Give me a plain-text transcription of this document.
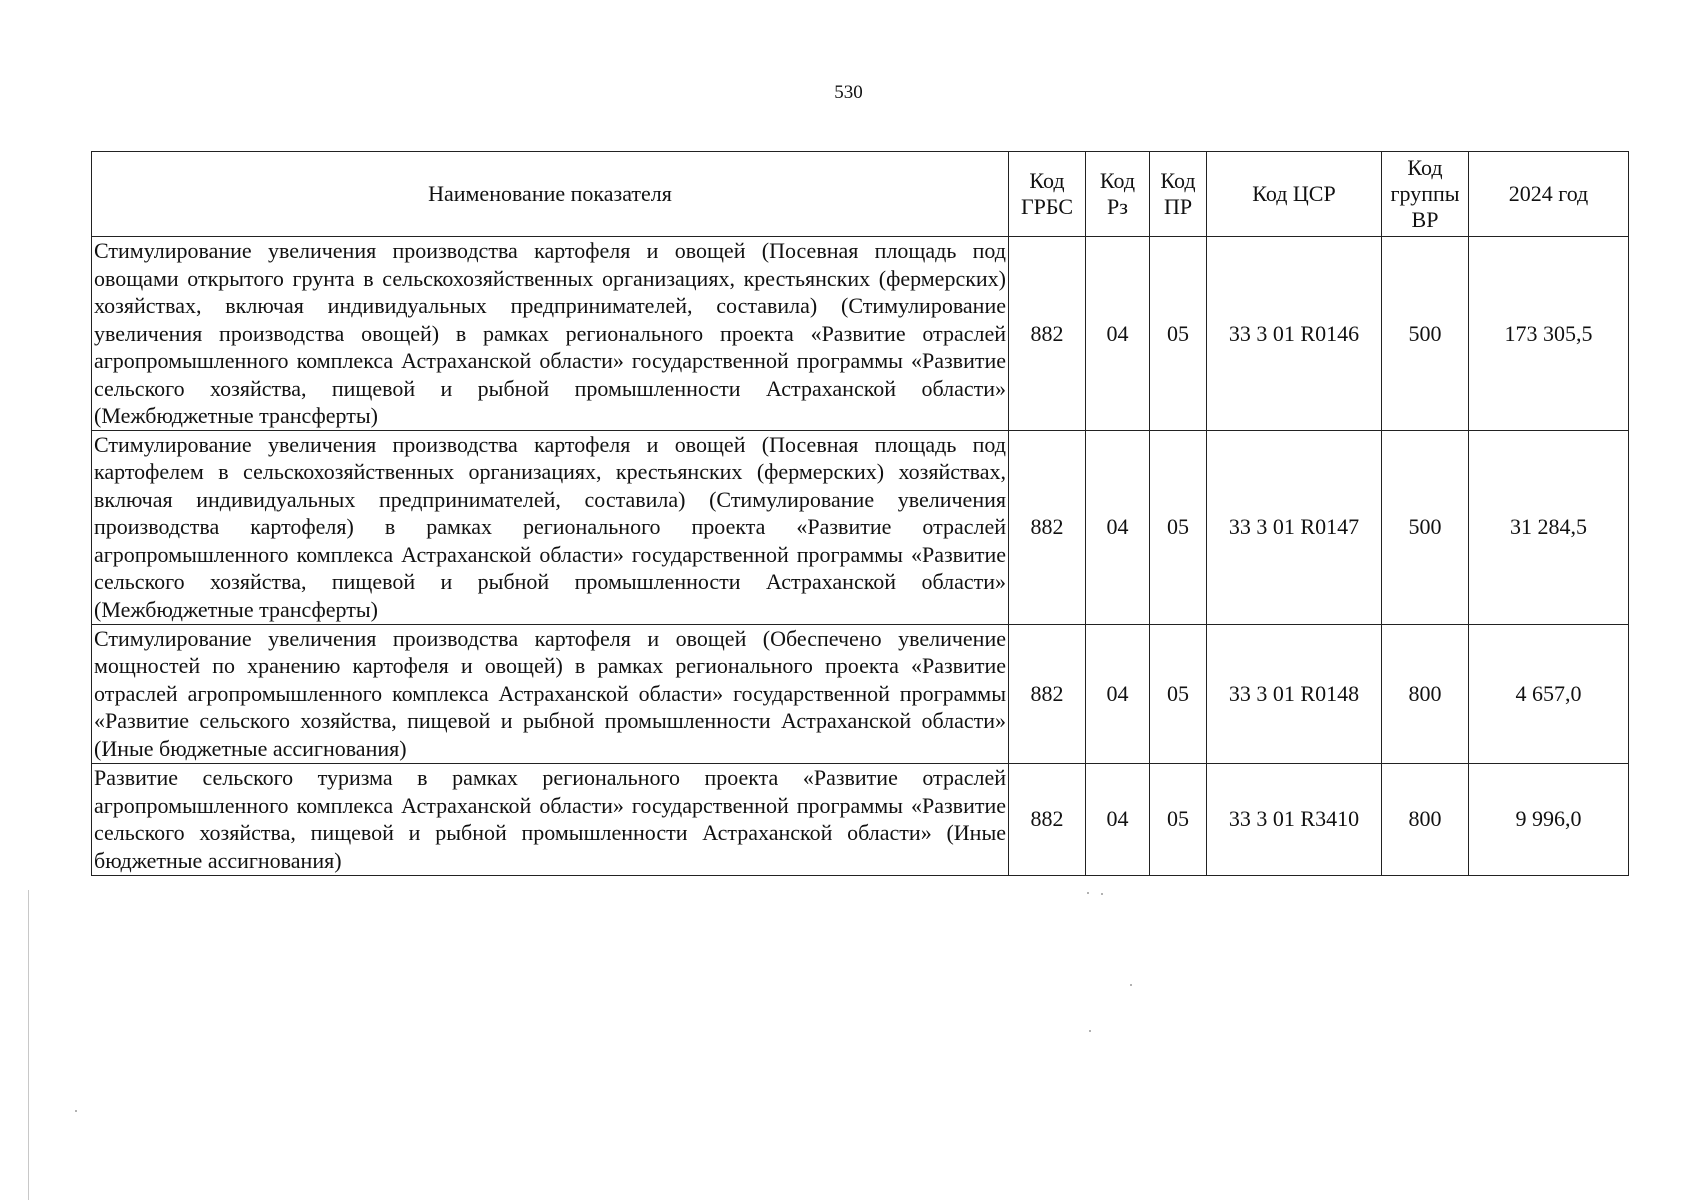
530
Наименование показателя	Код ГРБС	Код Рз	Код ПР	Код ЦСР	Код группы ВР	2024 год
Стимулирование увеличения производства картофеля и овощей (Посевная площадь под овощами открытого грунта в сельскохозяйственных организациях, крестьянских (фермерских) хозяйствах, включая индивидуальных предпринимателей, составила) (Стимулирование увеличения производства овощей) в рамках регионального проекта «Развитие отраслей агропромышленного комплекса Астраханской области» государственной программы «Развитие сельского хозяйства, пищевой и рыбной промышленности Астраханской области» (Межбюджетные трансферты)	882	04	05	33 3 01 R0146	500	173 305,5
Стимулирование увеличения производства картофеля и овощей (Посевная площадь под картофелем в сельскохозяйственных организациях, крестьянских (фермерских) хозяйствах, включая индивидуальных предпринимателей, составила) (Стимулирование увеличения производства картофеля) в рамках регионального проекта «Развитие отраслей агропромышленного комплекса Астраханской области» государственной программы «Развитие сельского хозяйства, пищевой и рыбной промышленности Астраханской области» (Межбюджетные трансферты)	882	04	05	33 3 01 R0147	500	31 284,5
Стимулирование увеличения производства картофеля и овощей (Обеспечено увеличение мощностей по хранению картофеля и овощей) в рамках регионального проекта «Развитие отраслей агропромышленного комплекса Астраханской области» государственной программы «Развитие сельского хозяйства, пищевой и рыбной промышленности Астраханской области» (Иные бюджетные ассигнования)	882	04	05	33 3 01 R0148	800	4 657,0
Развитие сельского туризма в рамках регионального проекта «Развитие отраслей агропромышленного комплекса Астраханской области» государственной программы «Развитие сельского хозяйства, пищевой и рыбной промышленности Астраханской области» (Иные бюджетные ассигнования)	882	04	05	33 3 01 R3410	800	9 996,0
